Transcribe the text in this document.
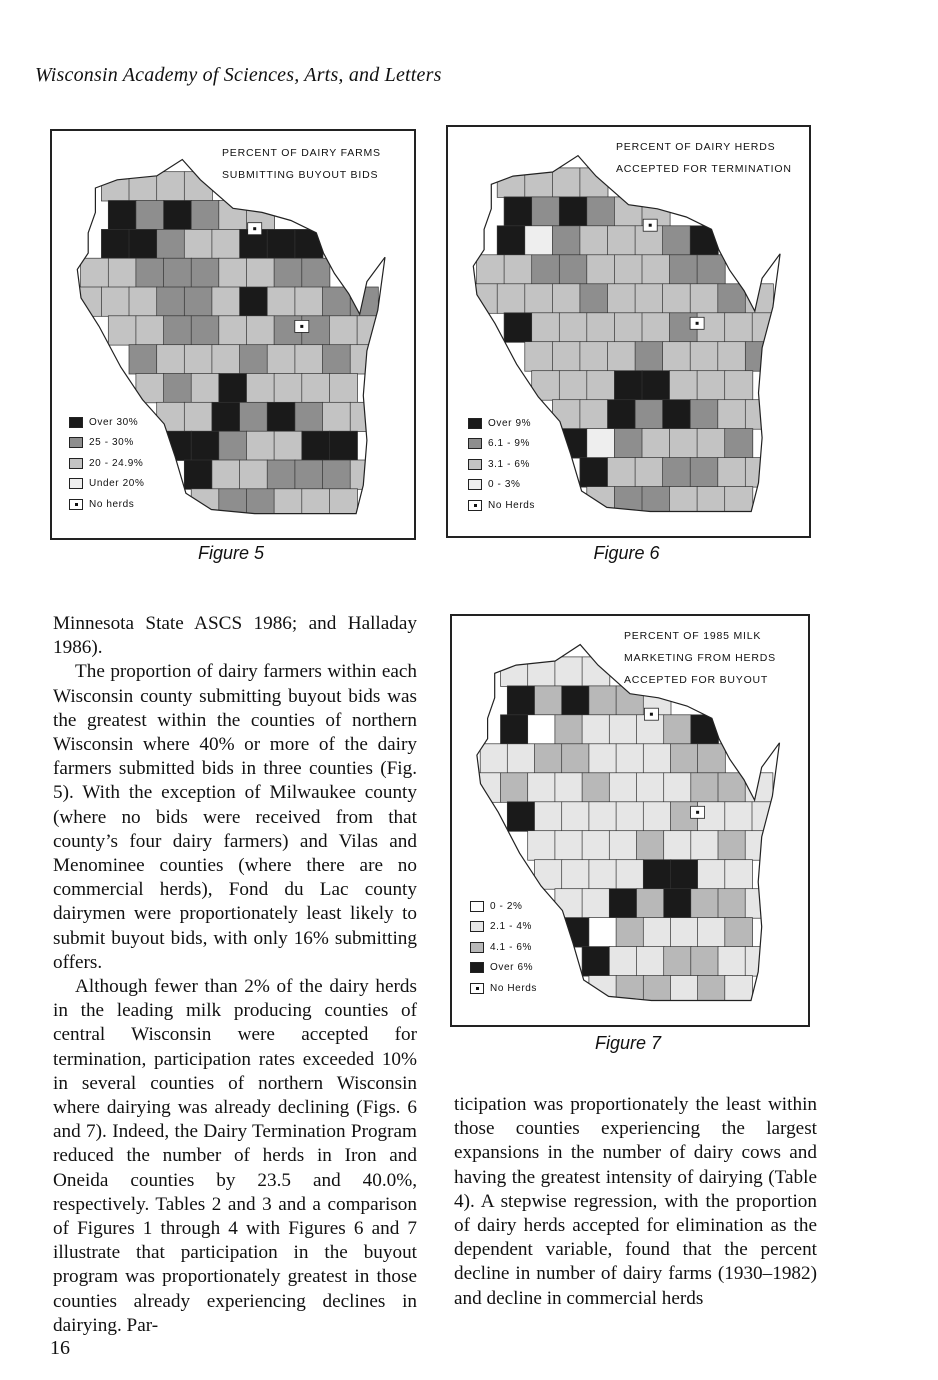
Wisconsin Academy of Sciences, Arts, and Letters
PERCENT OF DAIRY FARMS
SUBMITTING BUYOUT BIDS
Over 30%
25 - 30%
20 - 24.9%
Under 20%
No herds
Figure 5
PERCENT OF DAIRY HERDS
ACCEPTED FOR TERMINATION
Over 9%
6.1 - 9%
3.1 - 6%
0 - 3%
No Herds
Figure 6
PERCENT OF 1985 MILK
MARKETING FROM HERDS
ACCEPTED FOR BUYOUT
0 - 2%
2.1 - 4%
4.1 - 6%
Over 6%
No Herds
Figure 7

Minnesota State ASCS 1986; and Halladay 1986).

The proportion of dairy farmers within each Wisconsin county submitting buyout bids was the greatest within the counties of northern Wisconsin where 40% or more of the dairy farmers submitted bids in three counties (Fig. 5). With the exception of Milwaukee county (where no bids were received from that county’s four dairy farmers) and Vilas and Menominee counties (where there are no commercial herds), Fond du Lac county dairymen were proportionately least likely to submit buyout bids, with only 16% submitting offers.

Although fewer than 2% of the dairy herds in the leading milk producing counties of central Wisconsin were accepted for termination, participation rates exceeded 10% in several counties of northern Wisconsin where dairying was already declining (Figs. 6 and 7). Indeed, the Dairy Termination Program reduced the number of herds in Iron and Oneida counties by 23.5 and 40.0%, respectively. Tables 2 and 3 and a comparison of Figures 1 through 4 with Figures 6 and 7 illustrate that participation in the buyout program was proportionately greatest in those counties already experiencing declines in dairying. Par-

ticipation was proportionately the least within those counties experiencing the largest expansions in the number of dairy cows and having the greatest intensity of dairying (Table 4). A stepwise regression, with the proportion of dairy herds accepted for elimination as the dependent variable, found that the percent decline in number of dairy farms (1930–1982) and decline in commercial herds

16
